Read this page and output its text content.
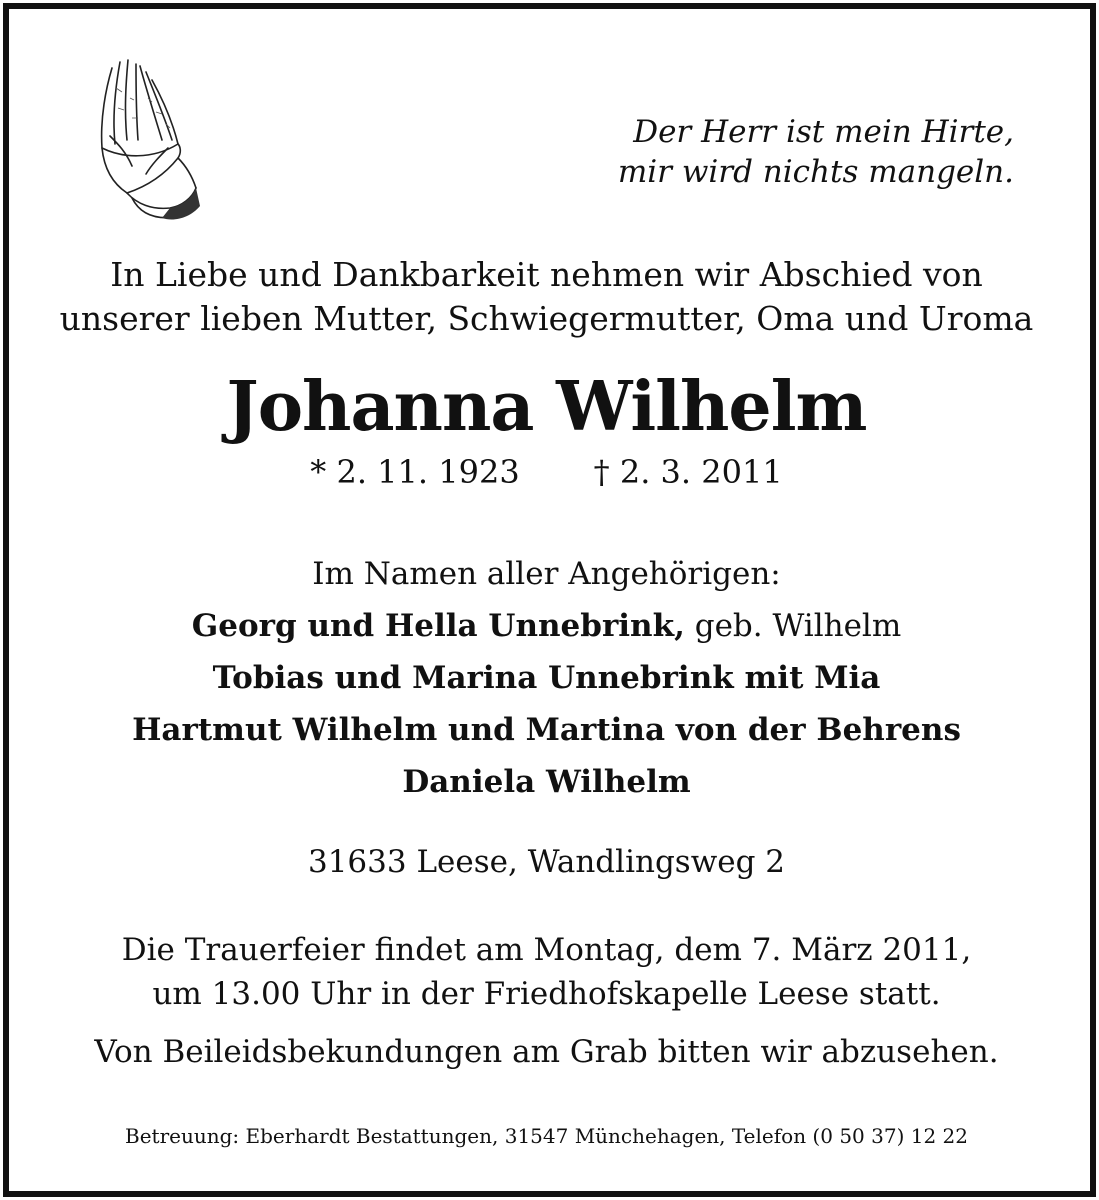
Der Herr ist mein Hirte,
mir wird nichts mangeln.
In Liebe und Dankbarkeit nehmen wir Abschied von
unserer lieben Mutter, Schwiegermutter, Oma und Uroma
Johanna Wilhelm
* 2. 11. 1923 † 2. 3. 2011
Im Namen aller Angehörigen:
Georg und Hella Unnebrink, geb. Wilhelm
Tobias und Marina Unnebrink mit Mia
Hartmut Wilhelm und Martina von der Behrens
Daniela Wilhelm
31633 Leese, Wandlingsweg 2
Die Trauerfeier findet am Montag, dem 7. März 2011,
um 13.00 Uhr in der Friedhofskapelle Leese statt.
Von Beileidsbekundungen am Grab bitten wir abzusehen.
Betreuung: Eberhardt Bestattungen, 31547 Münchehagen, Telefon (0 50 37) 12 22
